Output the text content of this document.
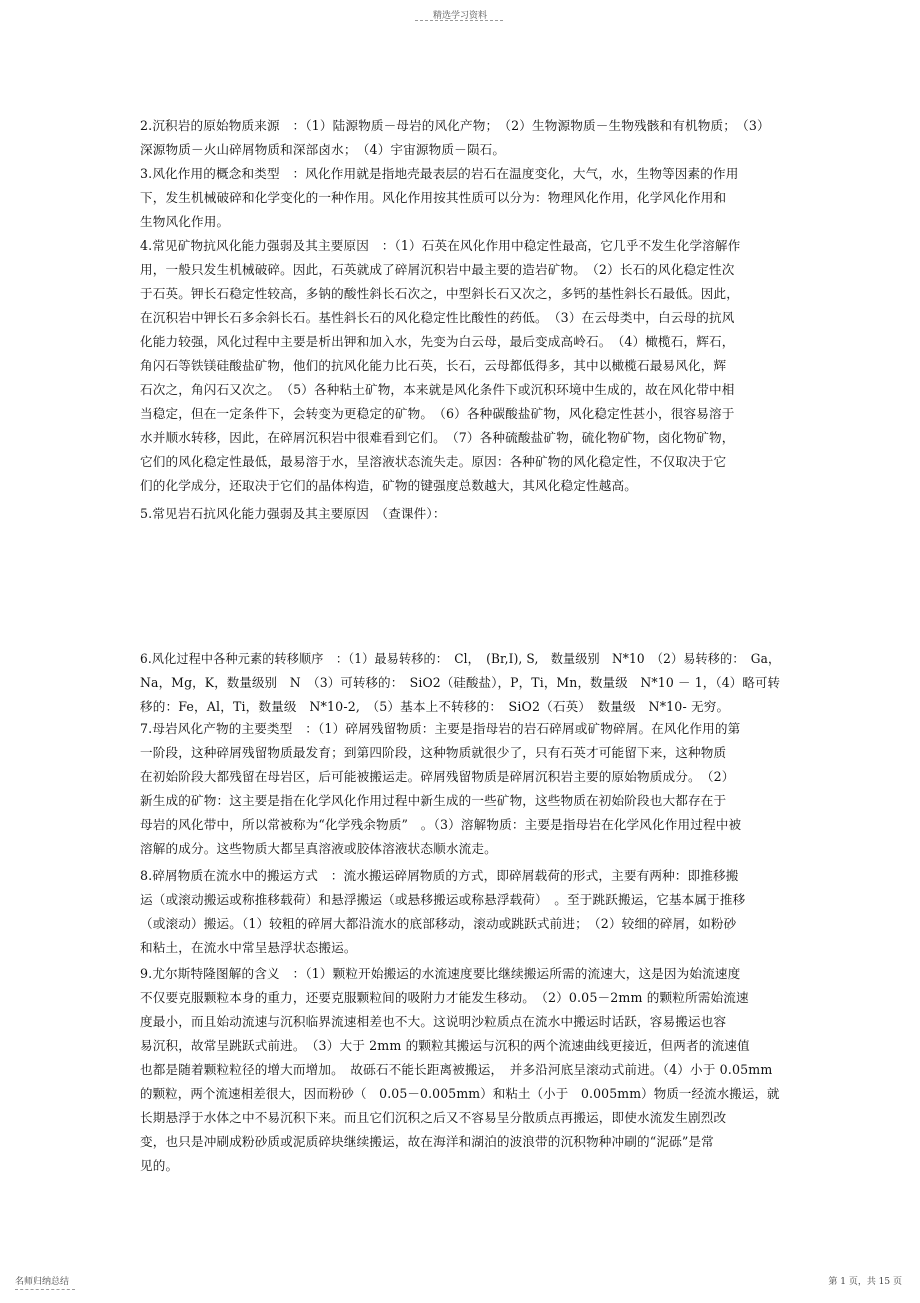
精选学习资料
2.沉积岩的原始物质来源　：（1）陆源物质－母岩的风化产物；　（2）生物源物质－生物残骸和有机物质；　（3）
深源物质－火山碎屑物质和深部卤水；　（4）宇宙源物质－陨石。
3.风化作用的概念和类型　：风化作用就是指地壳最表层的岩石在温度变化，大气，水，生物等因素的作用
下，发生机械破碎和化学变化的一种作用。风化作用按其性质可以分为：物理风化作用，化学风化作用和
生物风化作用。
4.常见矿物抗风化能力强弱及其主要原因　：（1）石英在风化作用中稳定性最高，它几乎不发生化学溶解作
用，一般只发生机械破碎。因此，石英就成了碎屑沉积岩中最主要的造岩矿物。　（2）长石的风化稳定性次
于石英。钾长石稳定性较高，多钠的酸性斜长石次之，中型斜长石又次之，多钙的基性斜长石最低。因此，
在沉积岩中钾长石多余斜长石。基性斜长石的风化稳定性比酸性的药低。　（3）在云母类中，白云母的抗风
化能力较强，风化过程中主要是析出钾和加入水，先变为白云母，最后变成高岭石。　（4）橄榄石，辉石，
角闪石等铁镁硅酸盐矿物，他们的抗风化能力比石英，长石，云母都低得多，其中以橄榄石最易风化，辉
石次之，角闪石又次之。　（5）各种粘土矿物，本来就是风化条件下或沉积环境中生成的，故在风化带中相
当稳定，但在一定条件下，会转变为更稳定的矿物。　（6）各种碳酸盐矿物，风化稳定性甚小，很容易溶于
水并顺水转移，因此，在碎屑沉积岩中很难看到它们。　（7）各种硫酸盐矿物，硫化物矿物，卤化物矿物，
它们的风化稳定性最低，最易溶于水，呈溶液状态流失走。原因：各种矿物的风化稳定性，不仅取决于它
们的化学成分，还取决于它们的晶体构造，矿物的键强度总数越大，其风化稳定性越高。
5.常见岩石抗风化能力强弱及其主要原因　（查课件）：
6.风化过程中各种元素的转移顺序　：（1）最易转移的：　Cl，　(Br,I), S,　数量级别　N*10　（2）易转移的：　Ga，
Na，Mg，K，数量级别　N　（3）可转移的：　SiO2（硅酸盐），P，Ti，Mn，数量级　N*10 － 1，（4）略可转
移的：Fe，Al，Ti，数量级　N*10-2,　（5）基本上不转移的：　SiO2（石英）　数量级　N*10- 无穷。
7.母岩风化产物的主要类型　：（1）碎屑残留物质：主要是指母岩的岩石碎屑或矿物碎屑。在风化作用的第
一阶段，这种碎屑残留物质最发育；到第四阶段，这种物质就很少了，只有石英才可能留下来，这种物质
在初始阶段大都残留在母岩区，后可能被搬运走。碎屑残留物质是碎屑沉积岩主要的原始物质成分。　（2）
新生成的矿物：这主要是指在化学风化作用过程中新生成的一些矿物，这些物质在初始阶段也大都存在于
母岩的风化带中，所以常被称为“化学残余物质”　。（3）溶解物质：主要是指母岩在化学风化作用过程中被
溶解的成分。这些物质大都呈真溶液或胶体溶液状态顺水流走。
8.碎屑物质在流水中的搬运方式　：流水搬运碎屑物质的方式，即碎屑载荷的形式，主要有两种：即推移搬
运（或滚动搬运或称推移载荷）和悬浮搬运（或悬移搬运或称悬浮载荷）　。至于跳跃搬运，它基本属于推移
（或滚动）搬运。（1）较粗的碎屑大都沿流水的底部移动，滚动或跳跃式前进；　（2）较细的碎屑，如粉砂
和粘土，在流水中常呈悬浮状态搬运。
9.尤尔斯特隆图解的含义　：（1）颗粒开始搬运的水流速度要比继续搬运所需的流速大，这是因为始流速度
不仅要克服颗粒本身的重力，还要克服颗粒间的吸附力才能发生移动。　（2）0.05－2mm 的颗粒所需始流速
度最小，而且始动流速与沉积临界流速相差也不大。这说明沙粒质点在流水中搬运时话跃，容易搬运也容
易沉积，故常呈跳跃式前进。　（3）大于 2mm 的颗粒其搬运与沉积的两个流速曲线更接近，但两者的流速值
也都是随着颗粒粒径的增大而增加。　故砾石不能长距离被搬运，　并多沿河底呈滚动式前进。（4）小于 0.05mm
的颗粒，两个流速相差很大，因而粉砂（　0.05－0.005mm）和粘土（小于　0.005mm）物质一经流水搬运，就
长期悬浮于水体之中不易沉积下来。而且它们沉积之后又不容易呈分散质点再搬运，即使水流发生剧烈改
变，也只是冲刷成粉砂质或泥质碎块继续搬运，故在海洋和湖泊的波浪带的沉积物种冲刷的“泥砾”是常
见的。
名师归纳总结	第 1 页，共 15 页
